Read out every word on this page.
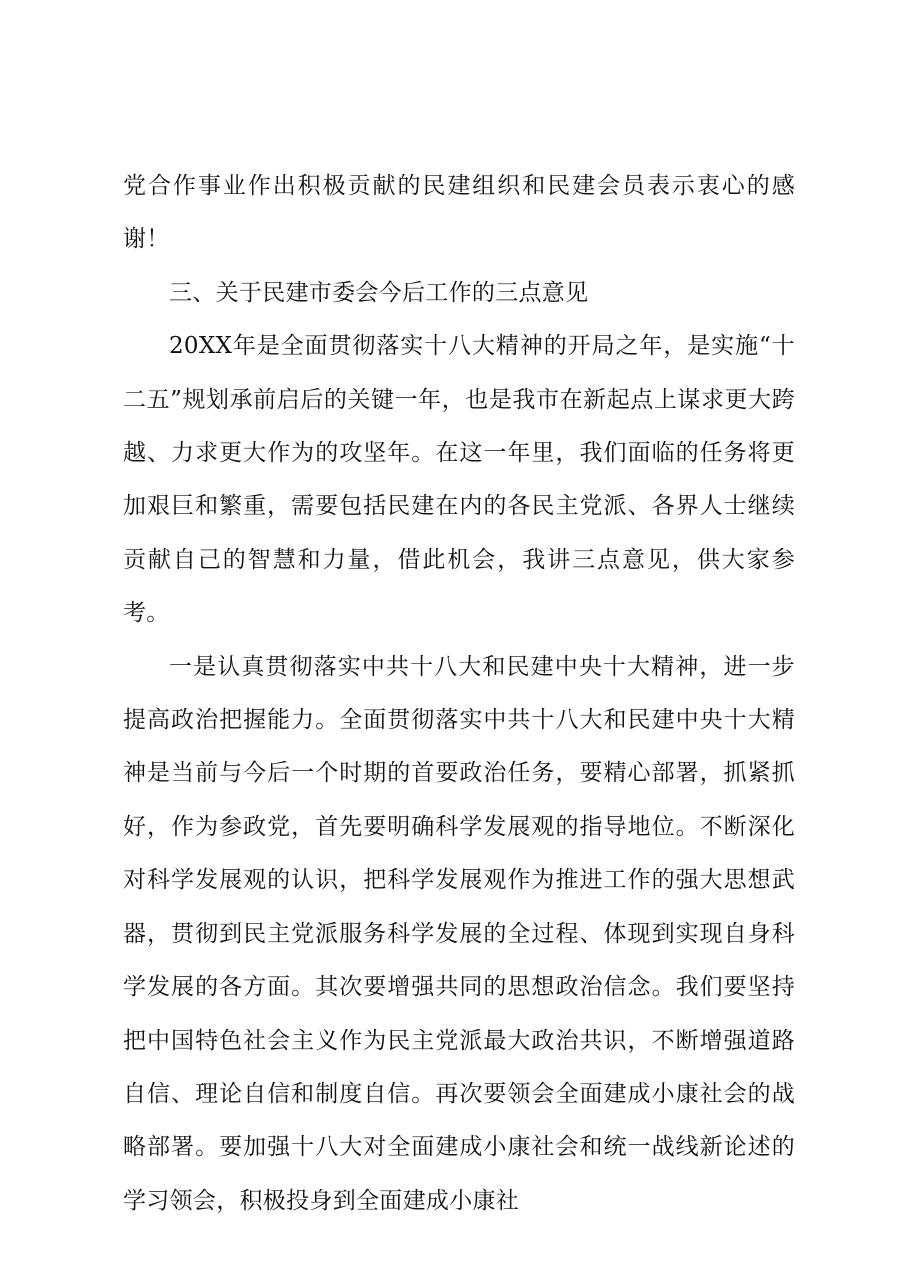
党合作事业作出积极贡献的民建组织和民建会员表示衷心的感谢！

三、关于民建市委会今后工作的三点意见

20XX年是全面贯彻落实十八大精神的开局之年，是实施“十二五”规划承前启后的关键一年，也是我市在新起点上谋求更大跨越、力求更大作为的攻坚年。在这一年里，我们面临的任务将更加艰巨和繁重，需要包括民建在内的各民主党派、各界人士继续贡献自己的智慧和力量，借此机会，我讲三点意见，供大家参考。

一是认真贯彻落实中共十八大和民建中央十大精神，进一步提高政治把握能力。全面贯彻落实中共十八大和民建中央十大精神是当前与今后一个时期的首要政治任务，要精心部署，抓紧抓好，作为参政党，首先要明确科学发展观的指导地位。不断深化对科学发展观的认识，把科学发展观作为推进工作的强大思想武器，贯彻到民主党派服务科学发展的全过程、体现到实现自身科学发展的各方面。其次要增强共同的思想政治信念。我们要坚持把中国特色社会主义作为民主党派最大政治共识，不断增强道路自信、理论自信和制度自信。再次要领会全面建成小康社会的战略部署。要加强十八大对全面建成小康社会和统一战线新论述的学习领会，积极投身到全面建成小康社
